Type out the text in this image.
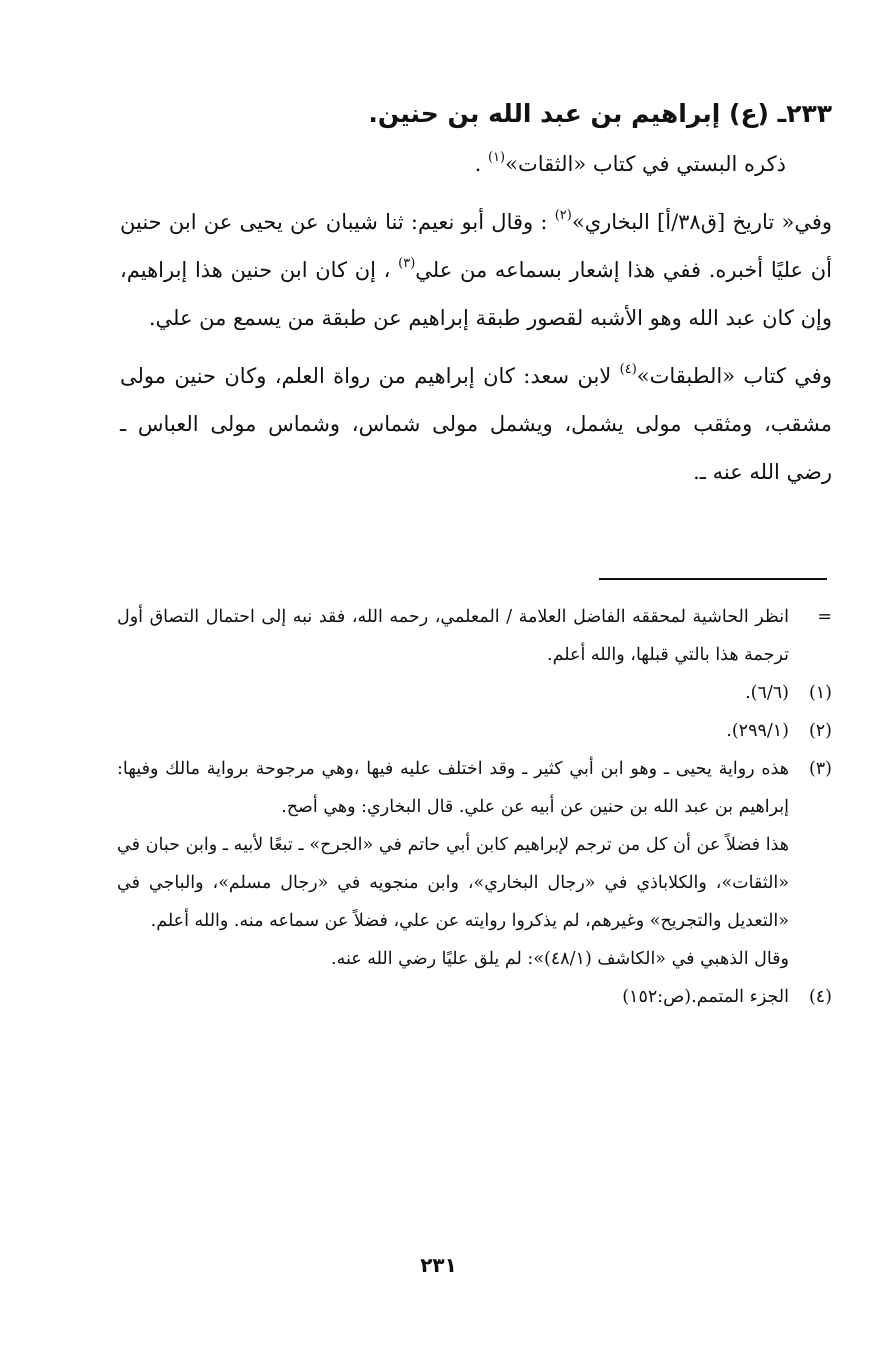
٢٣٣ـ (ع) إبراهيم بن عبد الله بن حنين.

ذكره البستي في كتاب «الثقات»$^{(١)}$ .

وفي« تاريخ [ق٣٨/أ] البخاري»$^{(٢)}$ : وقال أبو نعيم: ثنا شيبان عن يحيى عن ابن حنين أن عليًا أخبره. ففي هذا إشعار بسماعه من علي$^{(٣)}$ ، إن كان ابن حنين هذا إبراهيم، وإن كان عبد الله وهو الأشبه لقصور طبقة إبراهيم عن طبقة من يسمع من علي.

وفي كتاب «الطبقات»$^{(٤)}$ لابن سعد: كان إبراهيم من رواة العلم، وكان حنين مولى مشقب، ومثقب مولى يشمل، ويشمل مولى شماس، وشماس مولى العباس ـ رضي الله عنه ـ.

=
انظر الحاشية لمحققه الفاضل العلامة / المعلمي، رحمه الله، فقد نبه إلى احتمال التصاق أول ترجمة هذا بالتي قبلها، والله أعلم.
(١)
(٦/٦).
(٢)
(٢٩٩/١).
(٣)
هذه رواية يحيى ـ وهو ابن أبي كثير ـ وقد اختلف عليه فيها ،وهي مرجوحة برواية مالك وفيها: إبراهيم بن عبد الله بن حنين عن أبيه عن علي. قال البخاري: وهي أصح.
هذا فضلاً عن أن كل من ترجم لإبراهيم كابن أبي حاتم في «الجرح» ـ تبعًا لأبيه ـ وابن حبان في «الثقات»، والكلاباذي في «رجال البخاري»، وابن منجويه في «رجال مسلم»، والباجي في «التعديل والتجريح» وغيرهم، لم يذكروا روايته عن علي، فضلاً عن سماعه منه. والله أعلم.
وقال الذهبي في «الكاشف (٤٨/١)»: لم يلق عليًا رضي الله عنه.
(٤)
الجزء المتمم.(ص:١٥٢)
٢٣١
